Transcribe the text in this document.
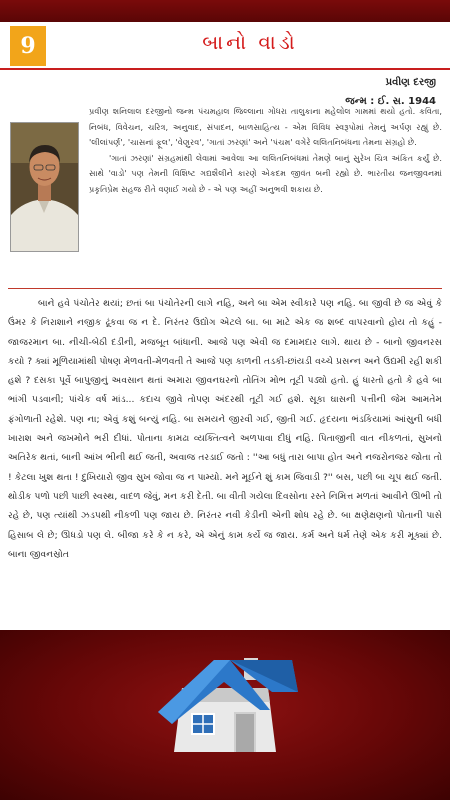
9	બાનો વાડો
પ્રવીણ દરજી
જન્મ : ઈ. સ. 1944

પ્રવીણ શનિલાલ દરજીનો જન્મ પંચમહાલ જિલ્લાના ગોધરા તાલુકાના મહેલોલ ગામમાં થયો હતો. કવિતા, નિબંધ, વિવેચન, ચરિત્ર, અનુવાદ, સંપાદન, બાળસાહિત્ય - એમ વિવિધ સ્વરૂપોમાં તેમનું અર્પણ રહ્યું છે. 'લીલાંપર્ણ', 'ચાસનાં ફૂલ', 'વેણુરવ', 'ગાતાં ઝરણાં' અને 'પંચમ' વગેરે લલિતનિબંધના તેમના સંગ્રહો છે.

'ગાતાં ઝરણાં' સંગ્રહમાંથી લેવામાં આવેલા આ લલિતનિબંધમાં તેમણે બાનું સુરેખ ચિત્ર અંકિત કર્યું છે. સાથે 'વાડો' પણ તેમની વિશિષ્ટ ગદ્યશૈલીને કારણે એકદમ જીવંત બની રહ્યો છે. ભારતીય જનજીવનમાં પ્રકૃતિપ્રેમ સહજ રીતે વણાઈ ગયો છે - એ પણ અહીં અનુભવી શકાય છે.

બાને હવે પંચોતેર થયાં; છતાં બા પંચોતેરની લાગે નહિ, અને બા એમ સ્વીકારે પણ નહિ. બા જીવી છે જ એવું કે ઉંમર કે નિરાશાને નજીક ઢૂંકવા જ ન દે. નિરંતર ઉદ્યોગ એટલે બા. બા માટે એક જ શબ્દ વાપરવાનો હોય તો કહું - જાજરમાન બા. નીચી-બેઠી દડીની, મજબૂત બાંધાની. આજે પણ એવી જ દમામદાર લાગે. થાય છે - બાનો જીવનરસ કયો ? ક્યાં મૂળિયામાંથી પોષણ મેળવતી-મેળવતી તે આજે પણ કાળની તડકી-છાંયડી વચ્ચે પ્રસન્ન અને ઉદ્યમી રહી શકી હશે ? દસકા પૂર્વે બાપુજીનું અવસાન થતાં અમારા જીવનઘરનો તોતિંગ મોભ તૂટી પડ્યો હતો. હું ધારતો હતો કે હવે બા ભાંગી પડવાની; પાંચેક વર્ષ માંડ... કદાચ જીવે તોપણ અંદરથી તૂટી ગઈ હશે. સૂકા ઘાસની પત્તીની જેમ આમતેમ ફંગોળાતી રહેશે. પણ ના; એવું કશું બન્યું નહિ. બા સમયને જીરવી ગઈ, જીતી ગઈ. હૃદયના ભંડકિયામાં આંસુની બધી ખારાશ અને જખમોને ભરી દીધાં. પોતાના કામઢા વ્યક્તિત્વને અળપાવા દીધું નહિ. પિતાજીની વાત નીકળતાં, સુખનો અતિરેક થતાં, બાની આંખ ભીની થઈ જતી, અવાજ તરડાઈ જતો : ''આ બધું તારા બાપા હોત અને નજરોનજર જોતા તો ! કેટલા ખુશ થતા ! દુખિયારો જીવ સુખ જોવા જ ન પામ્યો. મને મૂઈને શું કામ જિવાડી ?'' બસ, પછી બા ચૂપ થઈ જતી. થોડીક પળો પછી પાછી સ્વસ્થ, વાદળ જેવું, મન કરી દેતી. બા વીતી ગયેલા દિવસોના રસ્તે નિમિત્ત મળતાં આવીને ઊભી તો રહે છે, પણ ત્યાંથી ઝડપથી નીકળી પણ જાય છે. નિરંતર નવી કેડીની એની શોધ રહે છે. બા ક્ષણેક્ષણનો પોતાની પાસે હિસાબ લે છે; ઊધડો પણ લે. બીજા કરે કે ન કરે, એ એનું કામ કર્યે જ જાય. કર્મ અને ધર્મ તેણે એક કરી મૂક્યાં છે. બાના જીવનસ્રોત
